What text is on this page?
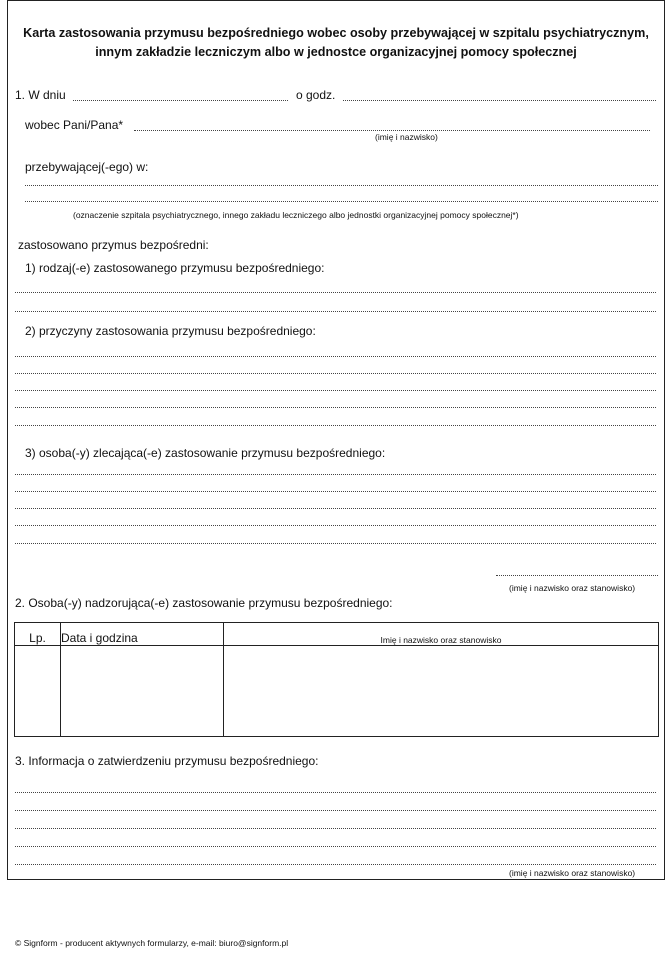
Karta zastosowania przymusu bezpośredniego wobec osoby przebywającej w szpitalu psychiatrycznym,
innym zakładzie leczniczym albo w jednostce organizacyjnej pomocy społecznej
1. W dniu	o godz.
wobec Pani/Pana*
(imię i nazwisko)
przebywającej(-ego) w:
(oznaczenie szpitala psychiatrycznego, innego zakładu leczniczego albo jednostki organizacyjnej pomocy społecznej*)
zastosowano przymus bezpośredni:
1) rodzaj(-e) zastosowanego przymusu bezpośredniego:
2) przyczyny zastosowania przymusu bezpośredniego:
3) osoba(-y) zlecająca(-e) zastosowanie przymusu bezpośredniego:
(imię i nazwisko oraz stanowisko)
2. Osoba(-y) nadzorująca(-e) zastosowanie przymusu bezpośredniego:
Lp.	Data i godzina	Imię i nazwisko oraz stanowisko

3. Informacja o zatwierdzeniu przymusu bezpośredniego:
(imię i nazwisko oraz stanowisko)
© Signform - producent aktywnych formularzy, e-mail: biuro@signform.pl
